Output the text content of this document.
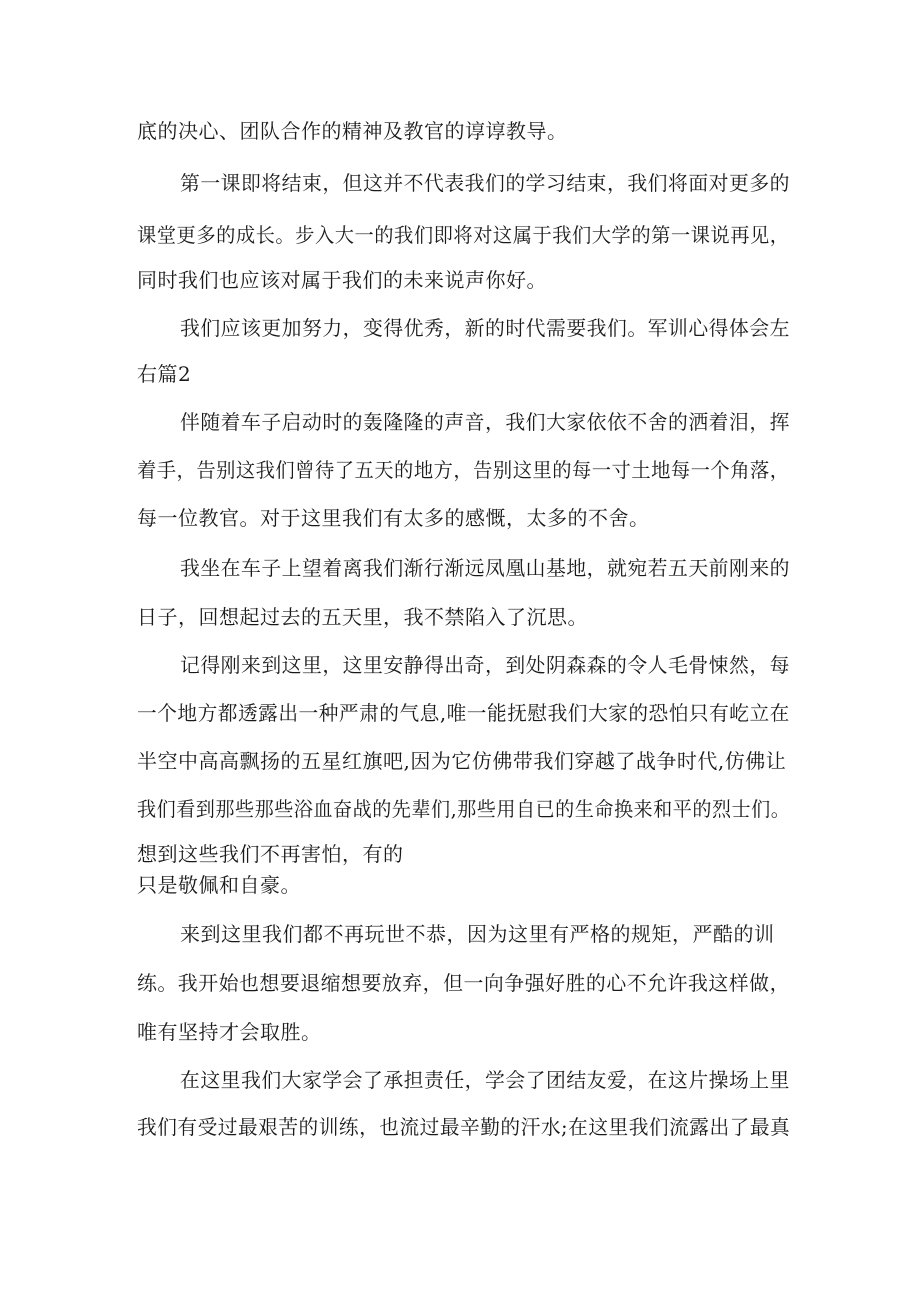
底的决心、团队合作的精神及教官的谆谆教导。

第一课即将结束，但这并不代表我们的学习结束，我们将面对更多的

课堂更多的成长。步入大一的我们即将对这属于我们大学的第一课说再见，

同时我们也应该对属于我们的未来说声你好。

我们应该更加努力，变得优秀，新的时代需要我们。军训心得体会左

右篇2

伴随着车子启动时的轰隆隆的声音，我们大家依依不舍的洒着泪，挥

着手，告别这我们曾待了五天的地方，告别这里的每一寸土地每一个角落，

每一位教官。对于这里我们有太多的感慨，太多的不舍。

我坐在车子上望着离我们渐行渐远凤凰山基地，就宛若五天前刚来的

日子，回想起过去的五天里，我不禁陷入了沉思。

记得刚来到这里，这里安静得出奇，到处阴森森的令人毛骨悚然，每

一个地方都透露出一种严肃的气息,唯一能抚慰我们大家的恐怕只有屹立在

半空中高高飘扬的五星红旗吧,因为它仿佛带我们穿越了战争时代,仿佛让

我们看到那些那些浴血奋战的先辈们,那些用自已的生命换来和平的烈士们。

想到这些我们不再害怕，有的

只是敬佩和自豪。

来到这里我们都不再玩世不恭，因为这里有严格的规矩，严酷的训

练。我开始也想要退缩想要放弃，但一向争强好胜的心不允许我这样做，

唯有坚持才会取胜。

在这里我们大家学会了承担责任，学会了团结友爱，在这片操场上里

我们有受过最艰苦的训练，也流过最辛勤的汗水;在这里我们流露出了最真
